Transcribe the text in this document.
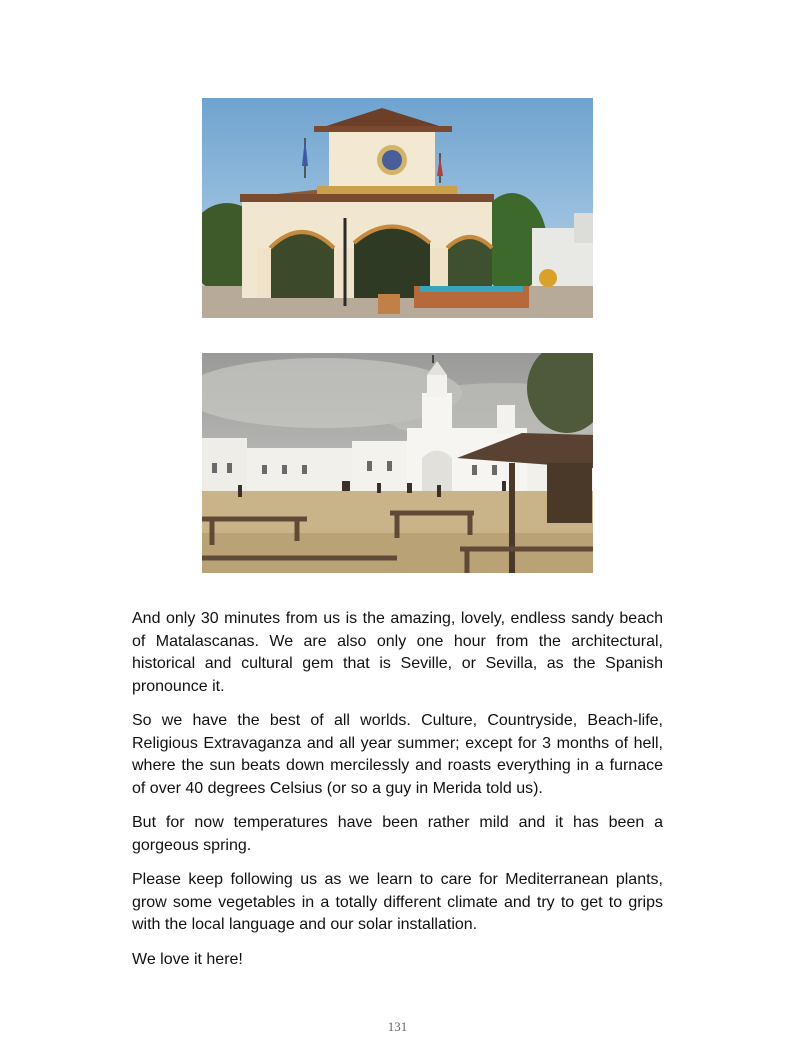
And only 30 minutes from us is the amazing, lovely, endless sandy beach of Matalascanas. We are also only one hour from the architectural, historical and cultural gem that is Seville, or Sevilla, as the Spanish pronounce it.

So we have the best of all worlds. Culture, Countryside, Beach-life, Religious Extravaganza and all year summer; except for 3 months of hell, where the sun beats down mercilessly and roasts everything in a furnace of over 40 degrees Celsius (or so a guy in Merida told us).

But for now temperatures have been rather mild and it has been a gorgeous spring.

Please keep following us as we learn to care for Mediterranean plants, grow some vegetables in a totally different climate and try to get to grips with the local language and our solar installation.

We love it here!

131
